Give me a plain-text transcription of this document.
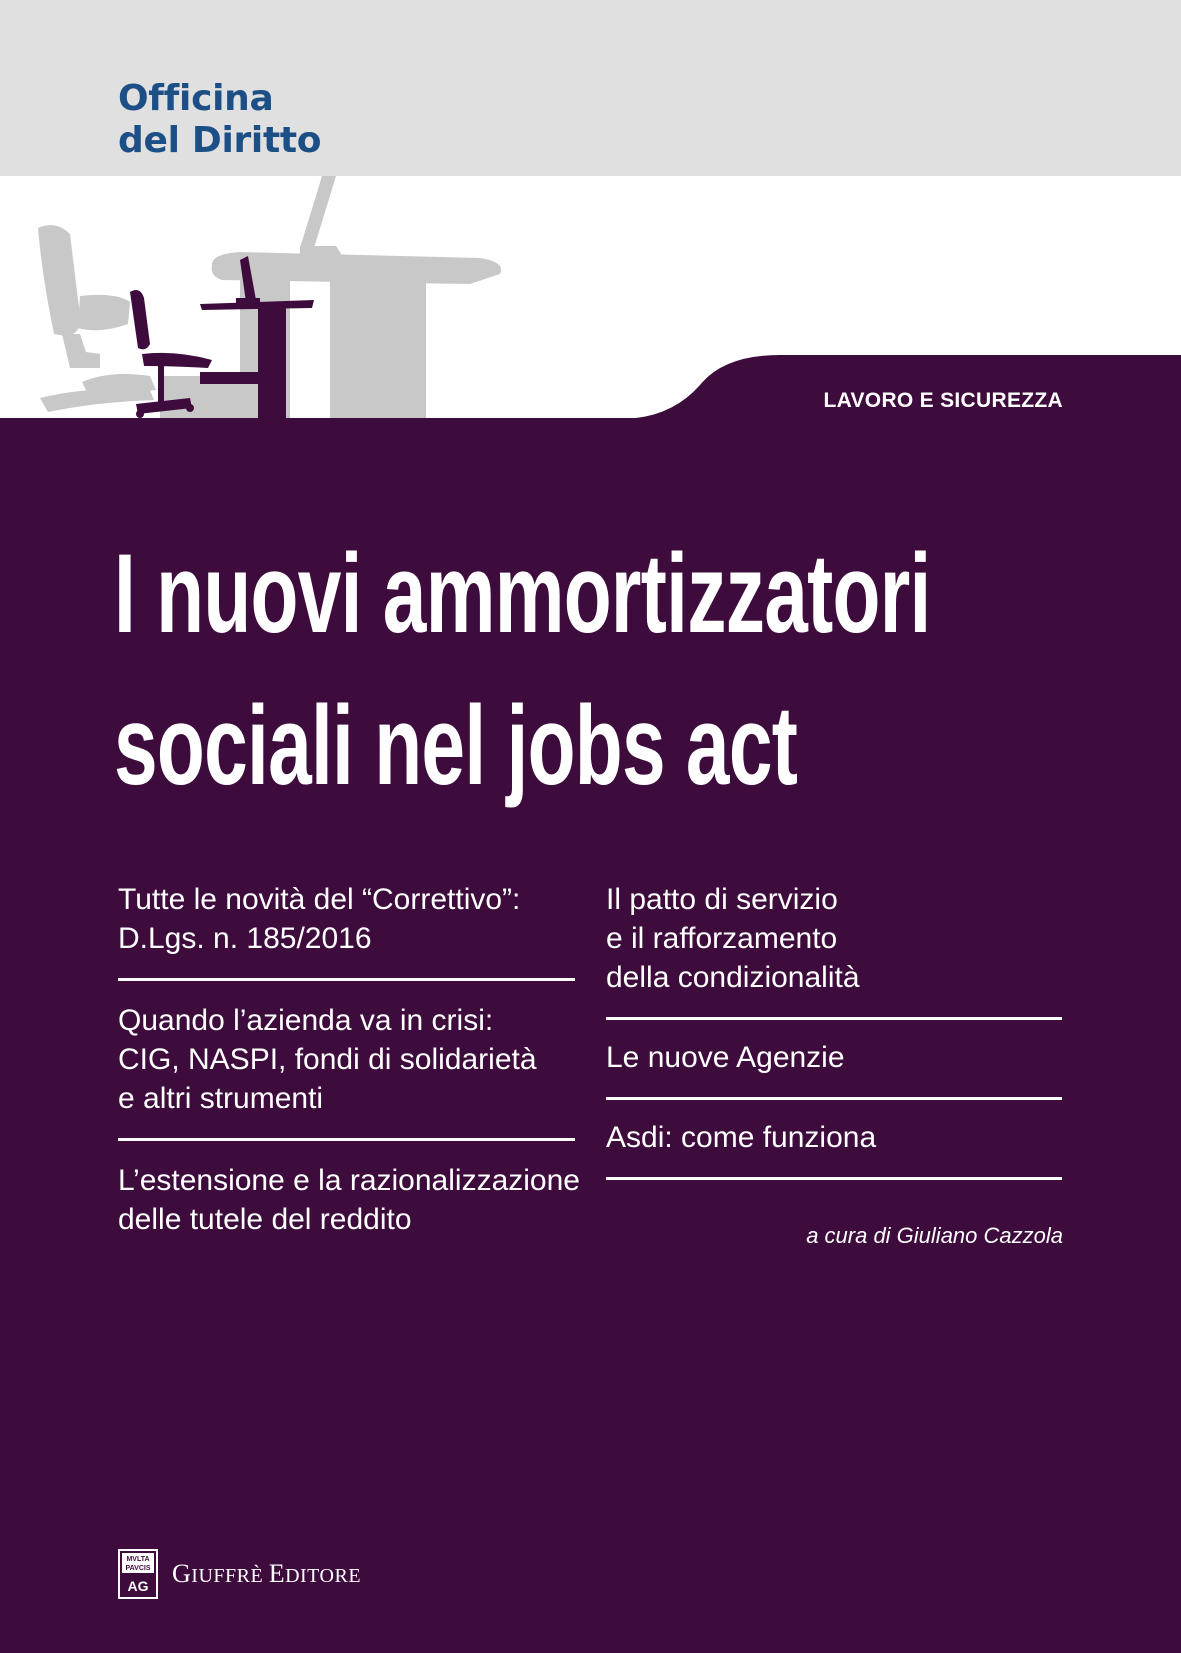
Officina
del Diritto
LAVORO E SICUREZZA
I nuovi ammortizzatori
sociali nel jobs act
Tutte le novità del “Correttivo”:
D.Lgs. n. 185/2016
Quando l’azienda va in crisi:
CIG, NASPI, fondi di solidarietà
e altri strumenti
L’estensione e la razionalizzazione
delle tutele del reddito
Il patto di servizio
e il rafforzamento
della condizionalità
Le nuove Agenzie
Asdi: come funziona
a cura di Giuliano Cazzola
MVLTA
PAVCIS
AG GIUFFRÈ EDITORE
